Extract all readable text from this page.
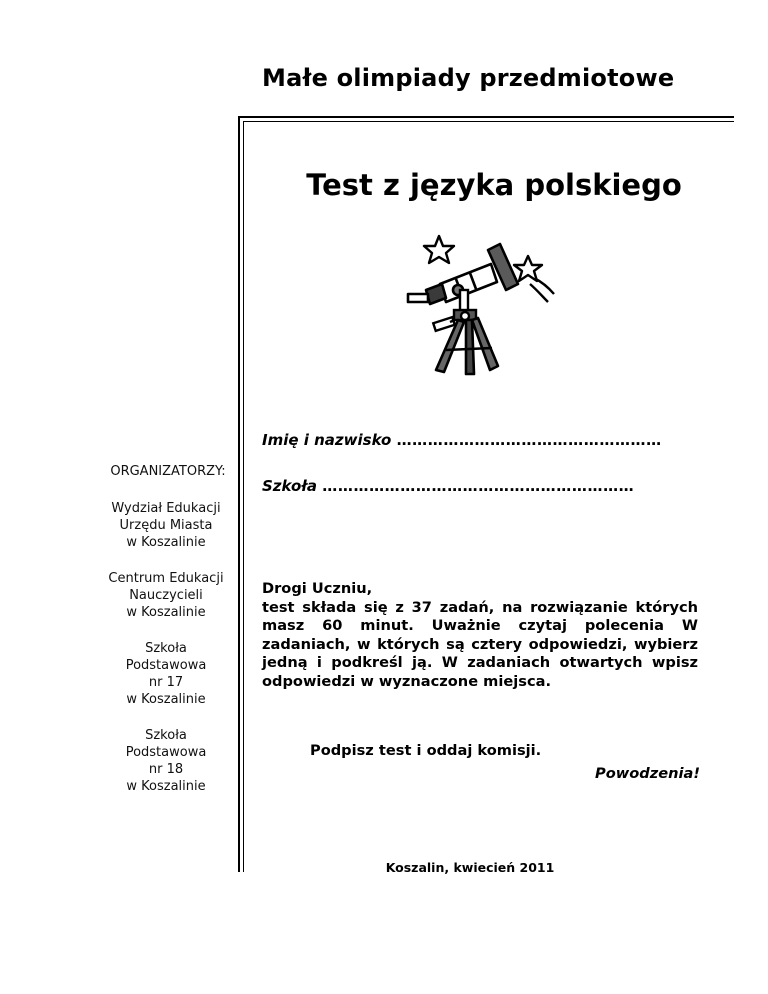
Małe olimpiady przedmiotowe
Test z języka polskiego
Imię i nazwisko ……………………………………………
Szkoła ……………………………………………………
ORGANIZATORZY:
Wydział Edukacji
Urzędu Miasta
w Koszalinie
Centrum Edukacji
Nauczycieli
w Koszalinie
Szkoła
Podstawowa
nr 17
w Koszalinie
Szkoła
Podstawowa
nr 18
w Koszalinie

Drogi Uczniu,

test składa się z 37 zadań, na rozwiązanie których masz 60 minut. Uważnie czytaj polecenia W zadaniach, w których są cztery odpowiedzi, wybierz jedną i podkreśl ją. W zadaniach otwartych wpisz odpowiedzi w wyznaczone miejsca.

Podpisz test i oddaj komisji.
Powodzenia!
Koszalin, kwiecień 2011
